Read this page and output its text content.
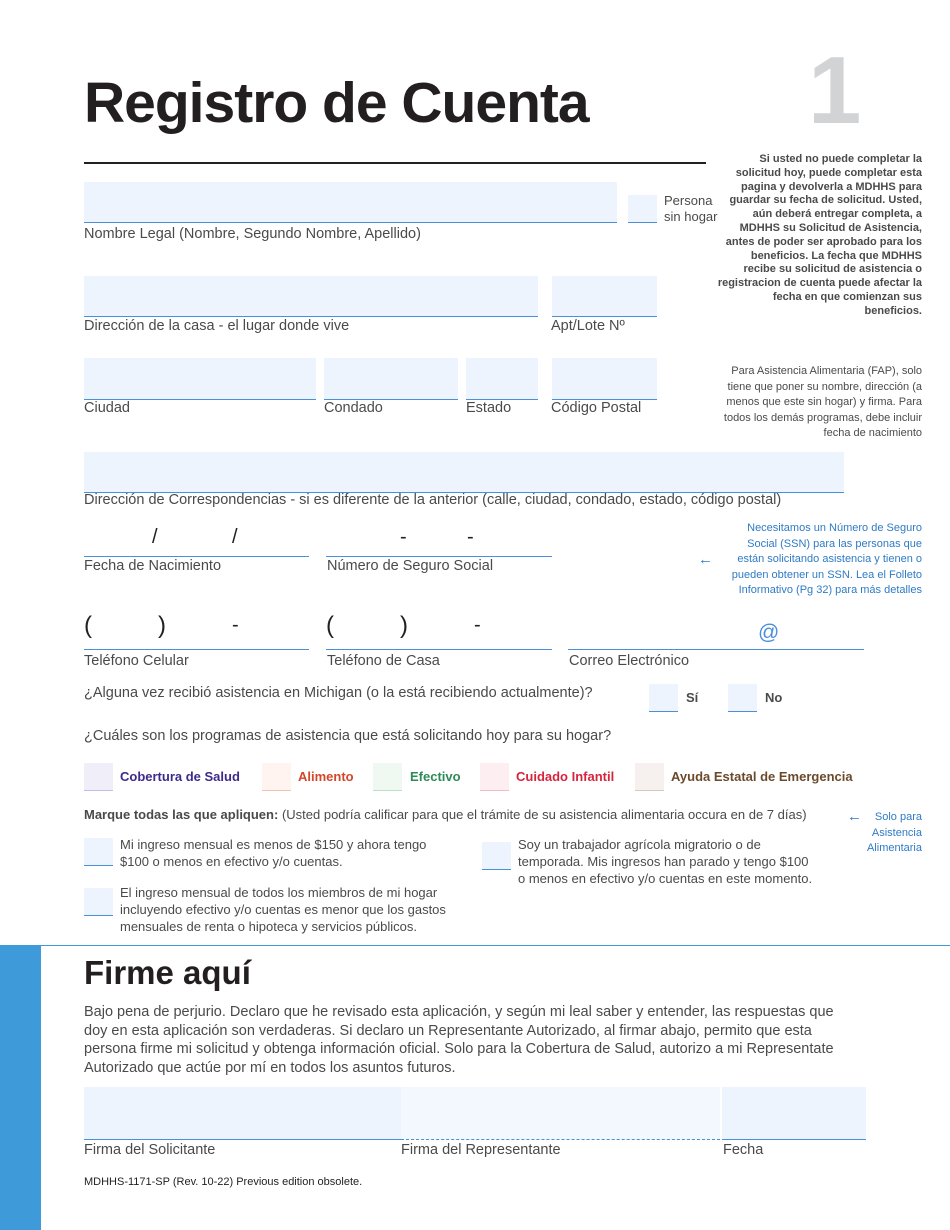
Registro de Cuenta 1
Si usted no puede completar la solicitud hoy, puede completar esta pagina y devolverla a MDHHS para guardar su fecha de solicitud. Usted, aún deberá entregar completa, a MDHHS su Solicitud de Asistencia, antes de poder ser aprobado para los beneficios. La fecha que MDHHS recibe su solicitud de asistencia o registracion de cuenta puede afectar la fecha en que comienzan sus beneficios.
Para Asistencia Alimentaria (FAP), solo tiene que poner su nombre, dirección (a menos que este sin hogar) y firma. Para todos los demás programas, debe incluir fecha de nacimiento
Nombre Legal (Nombre, Segundo Nombre, Apellido)
Persona sin hogar
Dirección de la casa - el lugar donde vive	Apt/Lote Nº
Ciudad	Condado	Estado	Código Postal
Dirección de Correspondencias - si es diferente de la anterior (calle, ciudad, condado, estado, código postal)
/	/
Fecha de Nacimiento
-	-
Número de Seguro Social	←
Necesitamos un Número de Seguro Social (SSN) para las personas que están solicitando asistencia y tienen o pueden obtener un SSN. Lea el Folleto Informativo (Pg 32) para más detalles
(	)	-
Teléfono Celular
(	)	-
Teléfono de Casa
@
Correo Electrónico
¿Alguna vez recibió asistencia en Michigan (o la está recibiendo actualmente)?	Sí	No
¿Cuáles son los programas de asistencia que está solicitando hoy para su hogar?
Cobertura de Salud	Alimento	Efectivo	Cuidado Infantil	Ayuda Estatal de Emergencia
Marque todas las que apliquen: (Usted podría calificar para que el trámite de su asistencia alimentaria occura en de 7 días)	←	Solo para Asistencia Alimentaria
Mi ingreso mensual es menos de $150 y ahora tengo $100 o menos en efectivo y/o cuentas.
El ingreso mensual de todos los miembros de mi hogar incluyendo efectivo y/o cuentas es menor que los gastos mensuales de renta o hipoteca y servicios públicos.
Soy un trabajador agrícola migratorio o de temporada. Mis ingresos han parado y tengo $100 o menos en efectivo y/o cuentas en este momento.
Firme aquí
Bajo pena de perjurio. Declaro que he revisado esta aplicación, y según mi leal saber y entender, las respuestas que doy en esta aplicación son verdaderas. Si declaro un Representante Autorizado, al firmar abajo, permito que esta persona firme mi solicitud y obtenga información oficial. Solo para la Cobertura de Salud, autorizo a mi Representate Autorizado que actúe por mí en todos los asuntos futuros.
Firma del Solicitante	Firma del Representante	Fecha
MDHHS-1171-SP (Rev. 10-22) Previous edition obsolete.
